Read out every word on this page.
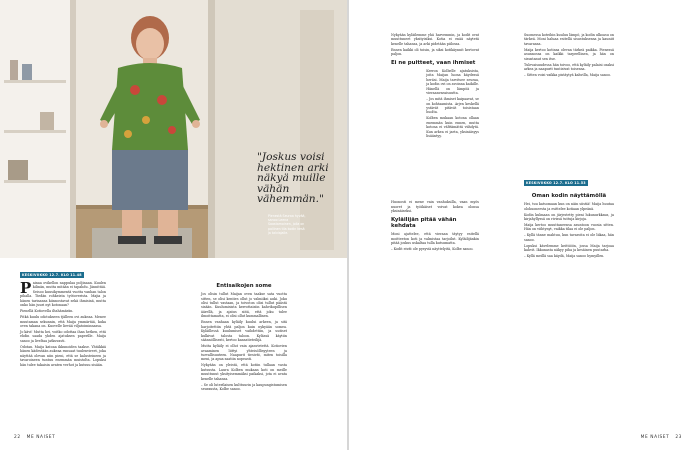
Pienestä Seuraa hyvää, sanoo Leena Saastamoinen, jolla on pallinen tila kodin kesä ja talviajalle.
KESKIVIIKKO 12.7. KLO 11.48
P ainaa ovikellon nappulaa poljinaan. Kuulen kilinän, mutta mitään ei tapahdu. Jännittää. Seisoo kuusikymmentä vuotta vanhan talon pihalla. Tiedän rohkeista työtoverista. Majia ja hänen tarinansa kiinnostavat sekä ihmisinä, mutta onko hän juuri nyt kotonaan?

Pienellä Kotiovella iltahämärän.

Pitkä kuulu odotukseen tjälleen ovi aukeaa. Menee muutaman sekunnin, että Maija ymmärtää, kuka oven takana on. Kuovelle lievää viljatoiminnassa.

Jo kävi! Mutta hei, voitko odottaa ihan hetken, että ehdin saada yhden ajatuksen paperille. Maija sanoo ja liveltaa jatkuvasti.

Odotan. Maija katoaa ikkunoiden taakse. Yhtäkkiä hänen kädestään aukeaa runsaat tuulenvireet, joka näyttää olevan niin pieni, että se kalusteineen ja tavaroineen tuntuu enemmän muistolta. Lopuksi hän tulee takaisin avaten verhot ja kutsuu sisään.

Entisaikojen some

Jos olisin tullut Maijan oven taakse sata vuotta sitten, se olisi kenties ollut jo valmiiksi auki. Joku olisi tullut vastaan, ja toivoton olisi tullut päästä sisään. Kuulumisista kerrottaisiin kahvikupillisen äärellä, ja ajatus siitä, että joku tulee ilmoittamatta, ei olisi ollut kummallinen.

Ennen vanhaan kyläily kuului arkeen, ja sitä harjoitettiin yhtä paljon kuin nykyään somea. Kyläillessä kuulumiset vaihdettiin, ja uutiset kulkivat talosta taloon. Kylässä käytiin säännöllisesti, kertoo kansatieteilijä.

Mutta kyläily ei ollut vain ajanvietettä. Kotiovien avaaminen liittyi yhteisöllisyyteen ja turvallisuuteen. Naapurit tiesivät, miten toisilla meni, ja apua saatiin nopeasti.

Nykyään on yleistä, että kotiin tullaan vasta kutsusta. Laura Kolben mukaan koti on meille muuttunut yksityisemmäksi paikaksi, jota ei avata kenelle tahansa.

– Se oli luterilaisen kulttuurin ja kaupungistumisen seurausta, Kolbe sanoo.

22 ME NAISET

Nykyään kyläilemme yhä harvemmin, ja kodit ovat muuttuneet yksityisiksi. Kotia ei enää näytetä kenelle tahansa, ja arki pidetään piilossa.

Ennen kaikki oli toisin, ja siksi kotikäynnit kertovat paljon.

Ei ne puitteet, vaan ihmiset

Kerron Kolbelle ajatuksista, joita Maijan luona käydessä heräsi. Maija tarvitsee seuraa, ja kodin ovi on avoinna kaikille. Hänellä on lämpöä ja vieraanvaraisuutta.

– Jos mitä ihmiset kaipaavat, se on kohtaamista. Arjen keskellä ystävät pitävät toisistaan huolta.

Kolben mukaan kotona ollaan enemmän kuin ennen, mutta kotona ei välttämättä viihdytä. Kun arkea ei jaeta, yksinäisyys lisääntyy.

Huonosti ei mene vain vanhuksilla, vaan myös nuoret ja työikäiset voivat kokea olonsa yksinäiseksi.

Kyläilijän pitää vähän kehdata

Moni ajattelee, että vieraan täytyy esitellä moitteeton koti ja valmistaa tarjoilut. Kyläilijänkin pitää joskus uskaltaa tulla kutsumatta.

– Kodit eivät ole pysyviä näyttelyitä, Kolbe sanoo.

"Joskus voisi hektinen arki näkyä muille vähän vähemmän."

Suomessa koteihin kuuluu lämpö, ja kodin ulkoasu on tärkeä. Moni haluaa esitellä sisustuksensa ja kauniit tavaransa.

Maija kertoo kotinsa olevan tärkeä paikka. Pienessä asunnossa on kaikki tarpeellinen, ja hän on sisustanut sen itse.

Tulevaisuudessa hän toivoo, että kyläily palaisi osaksi arkea ja naapurit tuntisivat toisensa.

– Sitten voisi vaikka pistäytyä kahvilla, Maija sanoo.

KESKIVIIKKO 12.7. KLO 11.53
Oman kodin näyttämöllä

Hei, tuu katsomaan kun on näin siistiä! Maija huutaa olohuoneesta ja esittelee kotiaan ylpeänä.

Kodin kulmaan on järjestetty pieni lukunurkkaus, ja kirjahyllyssä on rivissä tuttuja kirjoja.

Maija kertoo muuttaneensa asuntoon vuosia sitten. Hän on viihtynyt, vaikka tilaa ei ole paljon.

– Kyllä tänne mahtuu, kun tavaroita ei ole liikaa, hän sanoo.

Lopuksi kävelemme keittiöön, jossa Maija tarjoaa kahvit. Ikkunasta näkyy piha ja kesäinen puutarha.

– Kyllä meillä saa käydä, Maija sanoo hymyillen.

ME NAISET 23
